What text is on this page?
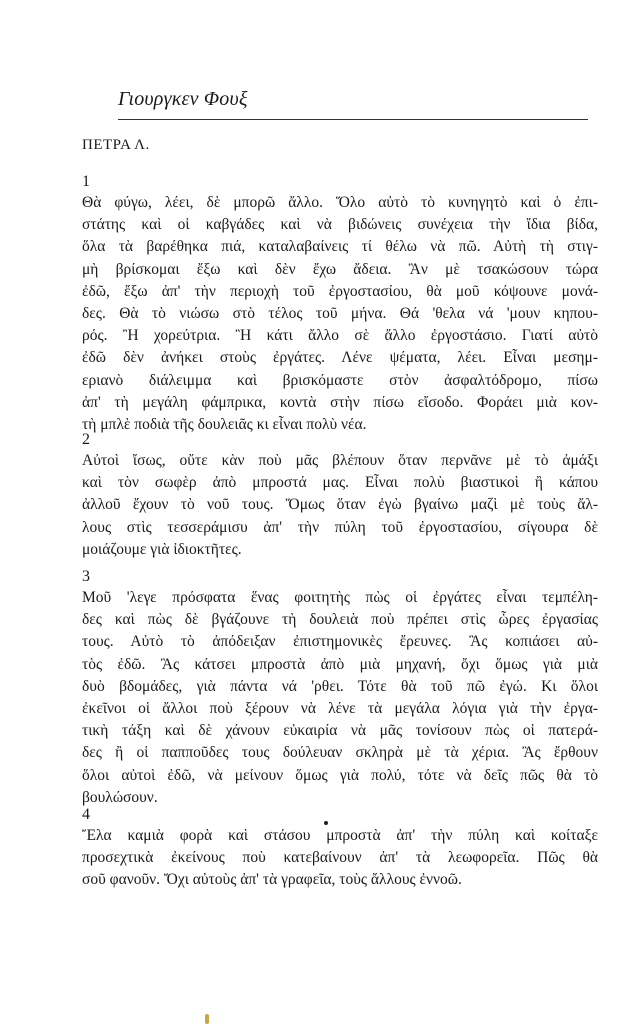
Γιουργκεν Φουξ
ΠΕΤΡΑ Λ.
1
Θὰ φύγω, λέει, δὲ μπορῶ ἄλλο. Ὅλο αὐτὸ τὸ κυνηγητὸ καὶ ὁ ἐπι-
στάτης καὶ οἱ καβγάδες καὶ νὰ βιδώνεις συνέχεια τὴν ἴδια βίδα,
ὅλα τὰ βαρέθηκα πιά, καταλαβαίνεις τί θέλω νὰ πῶ. Αὐτὴ τὴ στιγ-
μὴ βρίσκομαι ἔξω καὶ δὲν ἔχω ἄδεια. Ἂν μὲ τσακώσουν τώρα
ἐδῶ, ἔξω ἀπ' τὴν περιοχὴ τοῦ ἐργοστασίου, θὰ μοῦ κόψουνε μονά-
δες. Θὰ τὸ νιώσω στὸ τέλος τοῦ μήνα. Θά 'θελα νά 'μουν κηπου-
ρός. Ἢ χορεύτρια. Ἢ κάτι ἄλλο σὲ ἄλλο ἐργοστάσιο. Γιατί αὐτὸ
ἐδῶ δὲν ἀνήκει στοὺς ἐργάτες. Λένε ψέματα, λέει. Εἶναι μεσημ-
εριανὸ διάλειμμα καὶ βρισκόμαστε στὸν ἀσφαλτόδρομο, πίσω
ἀπ' τὴ μεγάλη φάμπρικα, κοντὰ στὴν πίσω εἴσοδο. Φοράει μιὰ κον-
τὴ μπλὲ ποδιὰ τῆς δουλειᾶς κι εἶναι πολὺ νέα.
2
Αὐτοὶ ἴσως, οὔτε κὰν ποὺ μᾶς βλέπουν ὅταν περνᾶνε μὲ τὸ ἀμάξι
καὶ τὸν σωφὲρ ἀπὸ μπροστά μας. Εἶναι πολὺ βιαστικοὶ ἢ κάπου
ἀλλοῦ ἔχουν τὸ νοῦ τους. Ὅμως ὅταν ἐγὼ βγαίνω μαζὶ μὲ τοὺς ἄλ-
λους στὶς τεσσεράμισυ ἀπ' τὴν πύλη τοῦ ἐργοστασίου, σίγουρα δὲ
μοιάζουμε γιὰ ἰδιοκτῆτες.
3
Μοῦ 'λεγε πρόσφατα ἕνας φοιτητὴς πὼς οἱ ἐργάτες εἶναι τεμπέλη-
δες καὶ πὼς δὲ βγάζουνε τὴ δουλειὰ ποὺ πρέπει στὶς ὧρες ἐργασίας
τους. Αὐτὸ τὸ ἀπόδειξαν ἐπιστημονικὲς ἔρευνες. Ἂς κοπιάσει αὐ-
τὸς ἐδῶ. Ἂς κάτσει μπροστὰ ἀπὸ μιὰ μηχανή, ὄχι ὅμως γιὰ μιὰ
δυὸ βδομάδες, γιὰ πάντα νά 'ρθει. Τότε θὰ τοῦ πῶ ἐγώ. Κι ὅλοι
ἐκεῖνοι οἱ ἄλλοι ποὺ ξέρουν νὰ λένε τὰ μεγάλα λόγια γιὰ τὴν ἐργα-
τικὴ τάξη καὶ δὲ χάνουν εὐκαιρία νὰ μᾶς τονίσουν πὼς οἱ πατερά-
δες ἢ οἱ παπποῦδες τους δούλευαν σκληρὰ μὲ τὰ χέρια. Ἂς ἔρθουν
ὅλοι αὐτοὶ ἐδῶ, νὰ μείνουν ὅμως γιὰ πολύ, τότε νὰ δεῖς πῶς θὰ τὸ
βουλώσουν.
4
Ἔλα καμιὰ φορὰ καὶ στάσου μπροστὰ ἀπ' τὴν πύλη καὶ κοίταξε
προσεχτικὰ ἐκείνους ποὺ κατεβαίνουν ἀπ' τὰ λεωφορεῖα. Πῶς θὰ
σοῦ φανοῦν. Ὄχι αὐτοὺς ἀπ' τὰ γραφεῖα, τοὺς ἄλλους ἐννοῶ.
